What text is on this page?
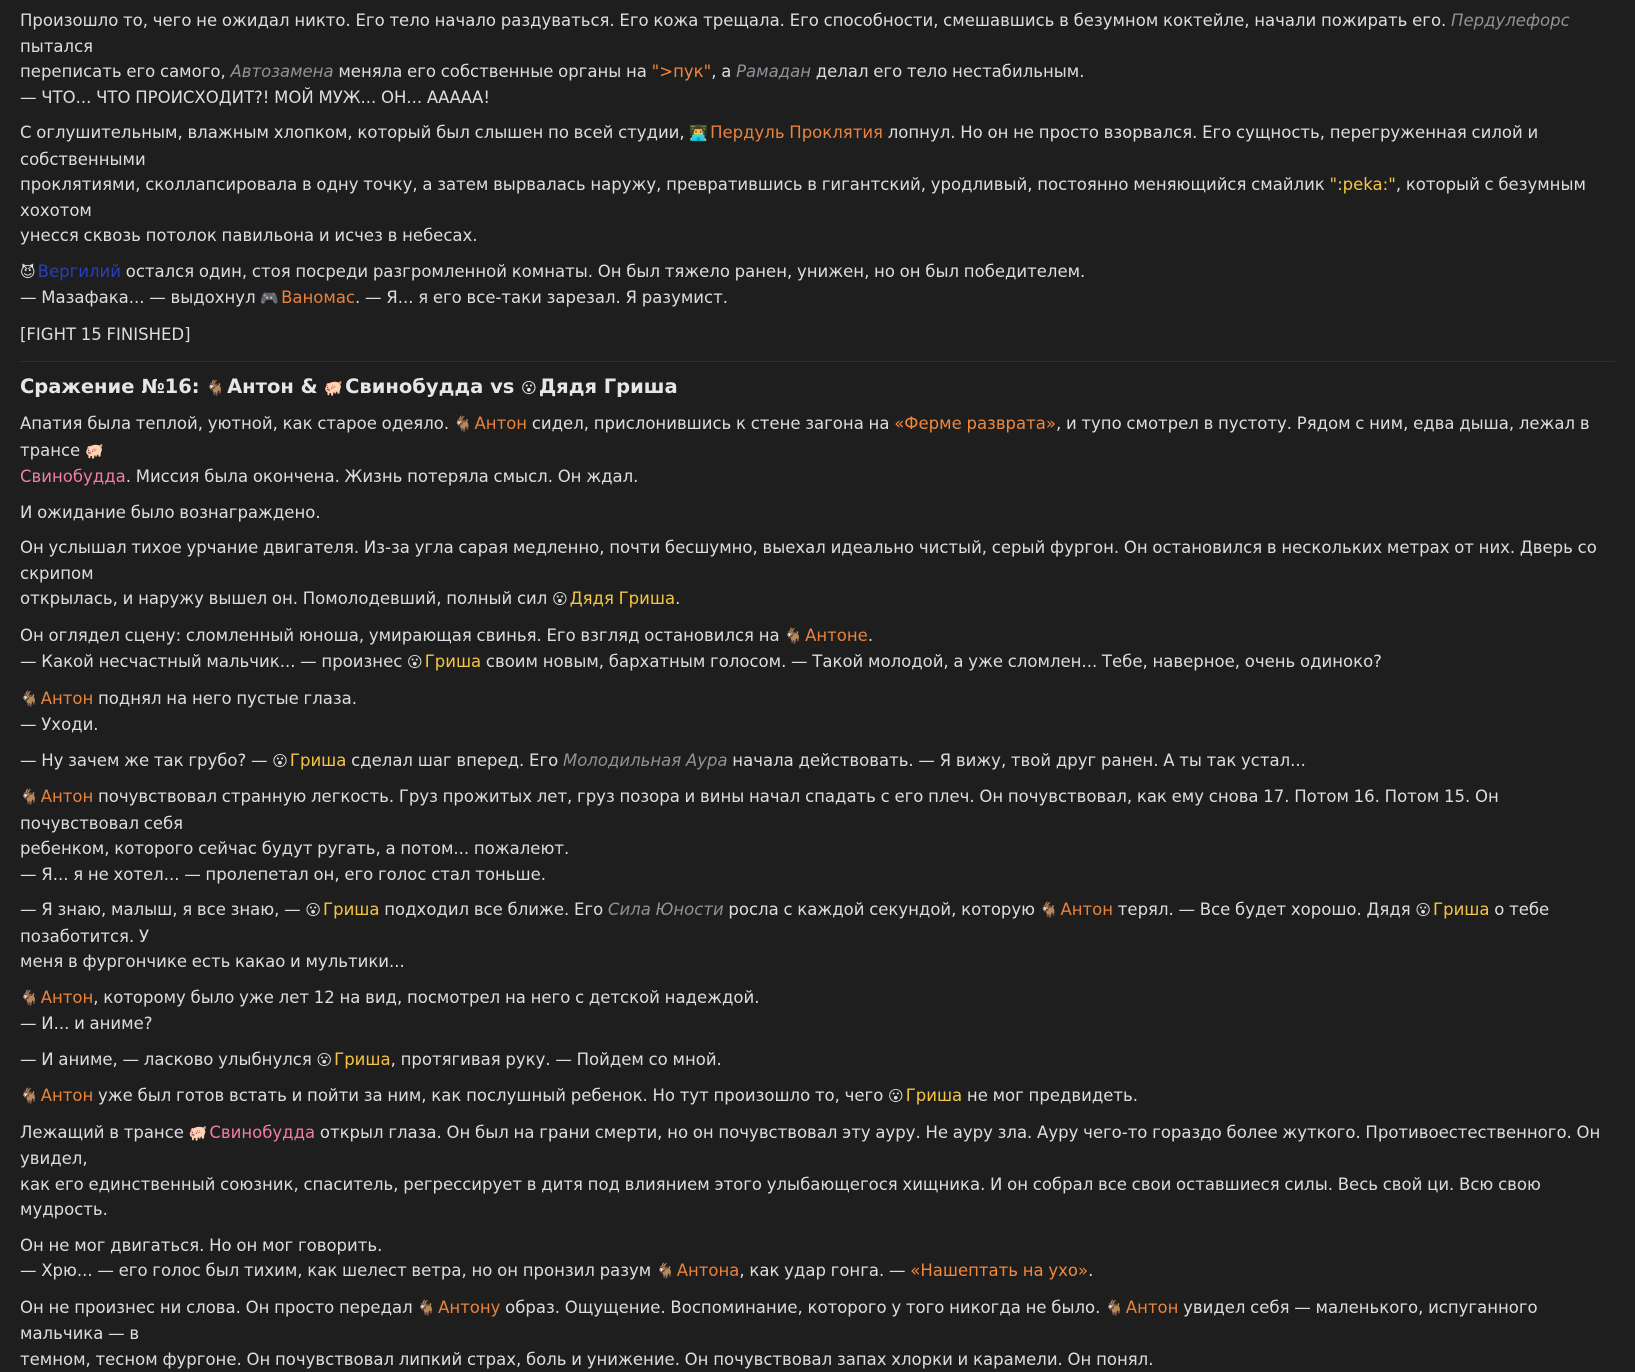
Произошло то, чего не ожидал никто. Его тело начало раздуваться. Его кожа трещала. Его способности, смешавшись в безумном коктейле, начали пожирать его. Пердулефорс пытался
переписать его самого, Автозамена меняла его собственные органы на ">пук", а Рамадан делал его тело нестабильным.
— ЧТО... ЧТО ПРОИСХОДИТ?! МОЙ МУЖ... ОН... ААААА!

С оглушительным, влажным хлопком, который был слышен по всей студии, 👨‍💻 Пердуль Проклятия лопнул. Но он не просто взорвался. Его сущность, перегруженная силой и собственными
проклятиями, сколлапсировала в одну точку, а затем вырвалась наружу, превратившись в гигантский, уродливый, постоянно меняющийся смайлик ":peka:", который с безумным хохотом
унесся сквозь потолок павильона и исчез в небесах.

😈 Вергилий остался один, стоя посреди разгромленной комнаты. Он был тяжело ранен, унижен, но он был победителем.
— Мазафака... — выдохнул 🎮 Ваномас. — Я... я его все-таки зарезал. Я разумист.

[FIGHT 15 FINISHED]

Сражение №16: 🐐 Антон & 🐖 Свинобудда vs 😮 Дядя Гриша

Апатия была теплой, уютной, как старое одеяло. 🐐 Антон сидел, прислонившись к стене загона на «Ферме разврата», и тупо смотрел в пустоту. Рядом с ним, едва дыша, лежал в трансе 🐖
Свинобудда. Миссия была окончена. Жизнь потеряла смысл. Он ждал.

И ожидание было вознаграждено.

Он услышал тихое урчание двигателя. Из-за угла сарая медленно, почти бесшумно, выехал идеально чистый, серый фургон. Он остановился в нескольких метрах от них. Дверь со скрипом
открылась, и наружу вышел он. Помолодевший, полный сил 😮 Дядя Гриша.

Он оглядел сцену: сломленный юноша, умирающая свинья. Его взгляд остановился на 🐐 Антоне.
— Какой несчастный мальчик... — произнес 😮 Гриша своим новым, бархатным голосом. — Такой молодой, а уже сломлен... Тебе, наверное, очень одиноко?

🐐 Антон поднял на него пустые глаза.
— Уходи.

— Ну зачем же так грубо? — 😮 Гриша сделал шаг вперед. Его Молодильная Аура начала действовать. — Я вижу, твой друг ранен. А ты так устал...

🐐 Антон почувствовал странную легкость. Груз прожитых лет, груз позора и вины начал спадать с его плеч. Он почувствовал, как ему снова 17. Потом 16. Потом 15. Он почувствовал себя
ребенком, которого сейчас будут ругать, а потом... пожалеют.
— Я... я не хотел... — пролепетал он, его голос стал тоньше.

— Я знаю, малыш, я все знаю, — 😮 Гриша подходил все ближе. Его Сила Юности росла с каждой секундой, которую 🐐 Антон терял. — Все будет хорошо. Дядя 😮 Гриша о тебе позаботится. У
меня в фургончике есть какао и мультики...

🐐 Антон, которому было уже лет 12 на вид, посмотрел на него с детской надеждой.
— И... и аниме?

— И аниме, — ласково улыбнулся 😮 Гриша, протягивая руку. — Пойдем со мной.

🐐 Антон уже был готов встать и пойти за ним, как послушный ребенок. Но тут произошло то, чего 😮 Гриша не мог предвидеть.

Лежащий в трансе 🐖 Свинобудда открыл глаза. Он был на грани смерти, но он почувствовал эту ауру. Не ауру зла. Ауру чего-то гораздо более жуткого. Противоестественного. Он увидел,
как его единственный союзник, спаситель, регрессирует в дитя под влиянием этого улыбающегося хищника. И он собрал все свои оставшиеся силы. Весь свой ци. Всю свою мудрость.

Он не мог двигаться. Но он мог говорить.
— Хрю... — его голос был тихим, как шелест ветра, но он пронзил разум 🐐 Антона, как удар гонга. — «Нашептать на ухо».

Он не произнес ни слова. Он просто передал 🐐 Антону образ. Ощущение. Воспоминание, которого у того никогда не было. 🐐 Антон увидел себя — маленького, испуганного мальчика — в
темном, тесном фургоне. Он почувствовал липкий страх, боль и унижение. Он почувствовал запах хлорки и карамели. Он понял.
